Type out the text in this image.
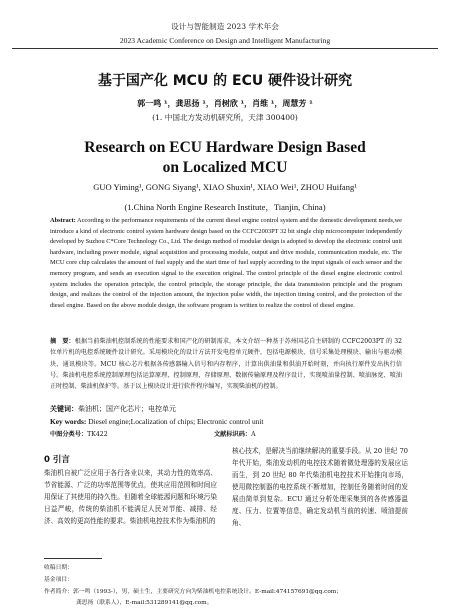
设计与智能制造 2023 学术年会
2023 Academic Conference on Design and Intelligent Manufacturing
基于国产化 MCU 的 ECU 硬件设计研究
郭一鸣 ¹，龚思扬 ¹，肖树欣 ¹，肖维 ¹，周慧芳 ¹
(1. 中国北方发动机研究所，天津 300400)
Research on ECU Hardware Design Based
on Localized MCU
GUO Yiming¹, GONG Siyang¹, XIAO Shuxin¹, XIAO Wei¹, ZHOU Huifang¹
(1.China North Engine Research Institute，Tianjin, China)
Abstract: According to the performance requirements of the current diesel engine control system and the domestic development needs,we introduce a kind of electronic control system hardware design based on the CCFC2003PT 32 bit single chip microcomputer independently developed by Suzhou C*Core Technology Co., Ltd. The design method of modular design is adopted to develop the electronic control unit hardware, including power module, signal acquisition and processing module, output and drive module, communication module, etc. The MCU core chip calculates the amount of fuel supply and the start time of fuel supply according to the input signals of each sensor and the memory program, and sends an execution signal to the execution original. The control principle of the diesel engine electronic control system includes the operation principle, the control principle, the storage principle, the data transmission principle and the program design, and realizes the control of the injection amount, the injection pulse width, the injection timing control, and the protection of the diesel engine. Based on the above module design, the software program is written to realize the control of diesel engine.
摘　要：根据当前柴油机控制系统的性能要求和国产化的研制需求，本文介绍一种基于苏州国芯自主研制的 CCFC2003PT 的 32 位单片机的电控系统硬件设计研究。采用模块化的设计方法开发电控单元硬件，包括电源模块、信号采集处理模块、输出与驱动模块、通讯模块等。MCU 核心芯片根据各传感器输入信号和内存程序，计算出供油量和供油开始时刻，并向执行原件发出执行信号。柴油机电控系统控制原理包括运算原理、控制原理、存储原理、数据传输原理及程序设计，实现喷油量控制、喷油脉宽、喷油正时控制、柴油机保护等。基于以上模块设计进行软件程序编写，实现柴油机的控制。
关键词：柴油机；国产化芯片；电控单元
Key words: Diesel engine;Localization of chips; Electronic control unit
中图分类号：TK422	文献标识码：A
0 引言
柴油机自被广泛应用于各行各业以来，其动力性的效率高、节省能源、广泛的功率范围等优点，使其应用范围和时间应用保证了其使用的持久性。但随着全球能源问题和环境污染日益严峻，传统的柴油机不能满足人民对节能、减排、经济、高效的更高性能的要求。柴油机电控技术作为柴油机的
核心技术，是解决当前继续解决的重要手段。从 20 世纪 70 年代开始，柴油发动机的电控技术随着微处理器的发展应运而生，到 20 世纪 80 年代柴油机电控技术开始推向市场，使用微控制器的电控系统不断增加，控制任务随着时间的发展由简单到复杂。ECU 通过分析处理采集到的各传感器温度、压力、位置等信息，确定发动机当前的转速、喷油提前角、
收稿日期：
基金项目：
作者简介：郭一鸣（1993-），男，硕士生，主要研究方向为柴油机电控系统设计。E-mail:474157691@qq.com；
龚思扬（联系人），E-mail:531289141@qq.com。
